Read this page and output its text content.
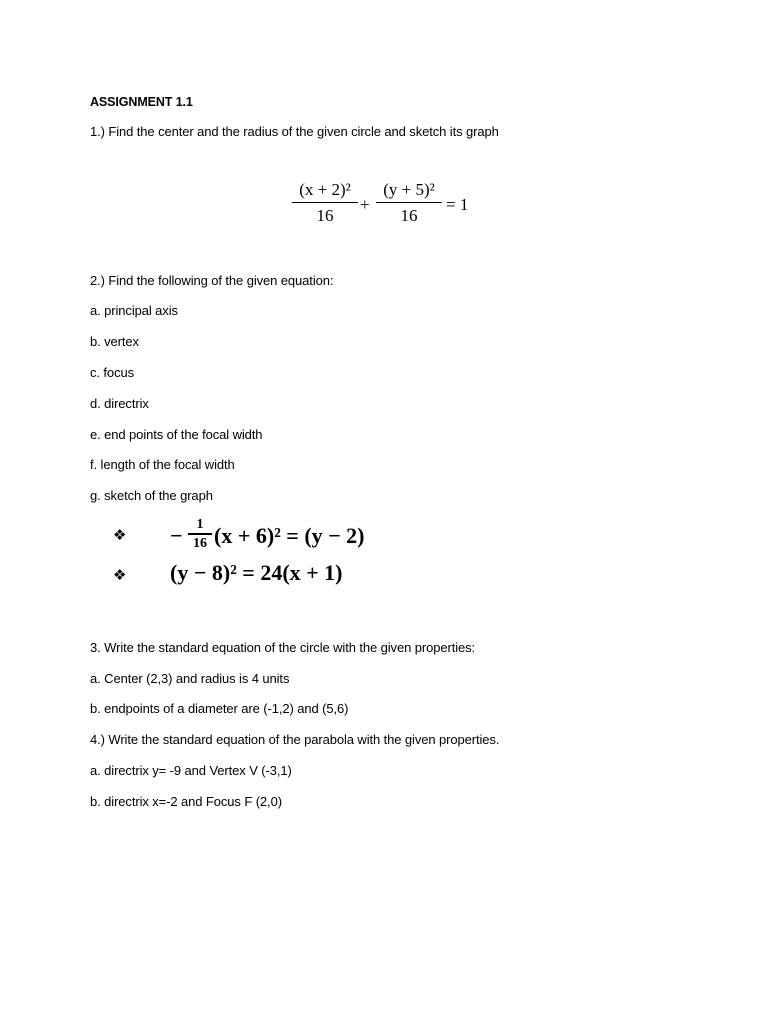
ASSIGNMENT 1.1
1.) Find the center and the radius of the given circle and sketch its graph
(x + 2)²
16
+
(y + 5)²
16
= 1
2.) Find the following of the given equation:
a. principal axis
b. vertex
c. focus
d. directrix
e. end points of the focal width
f. length of the focal width
g. sketch of the graph
❖ − 1
16 (x + 6)² = (y − 2)
❖ (y − 8)² = 24(x + 1)
3. Write the standard equation of the circle with the given properties:
a. Center (2,3) and radius is 4 units
b. endpoints of a diameter are (-1,2) and (5,6)
4.) Write the standard equation of the parabola with the given properties.
a. directrix y= -9 and Vertex V (-3,1)
b. directrix x=-2 and Focus F (2,0)
